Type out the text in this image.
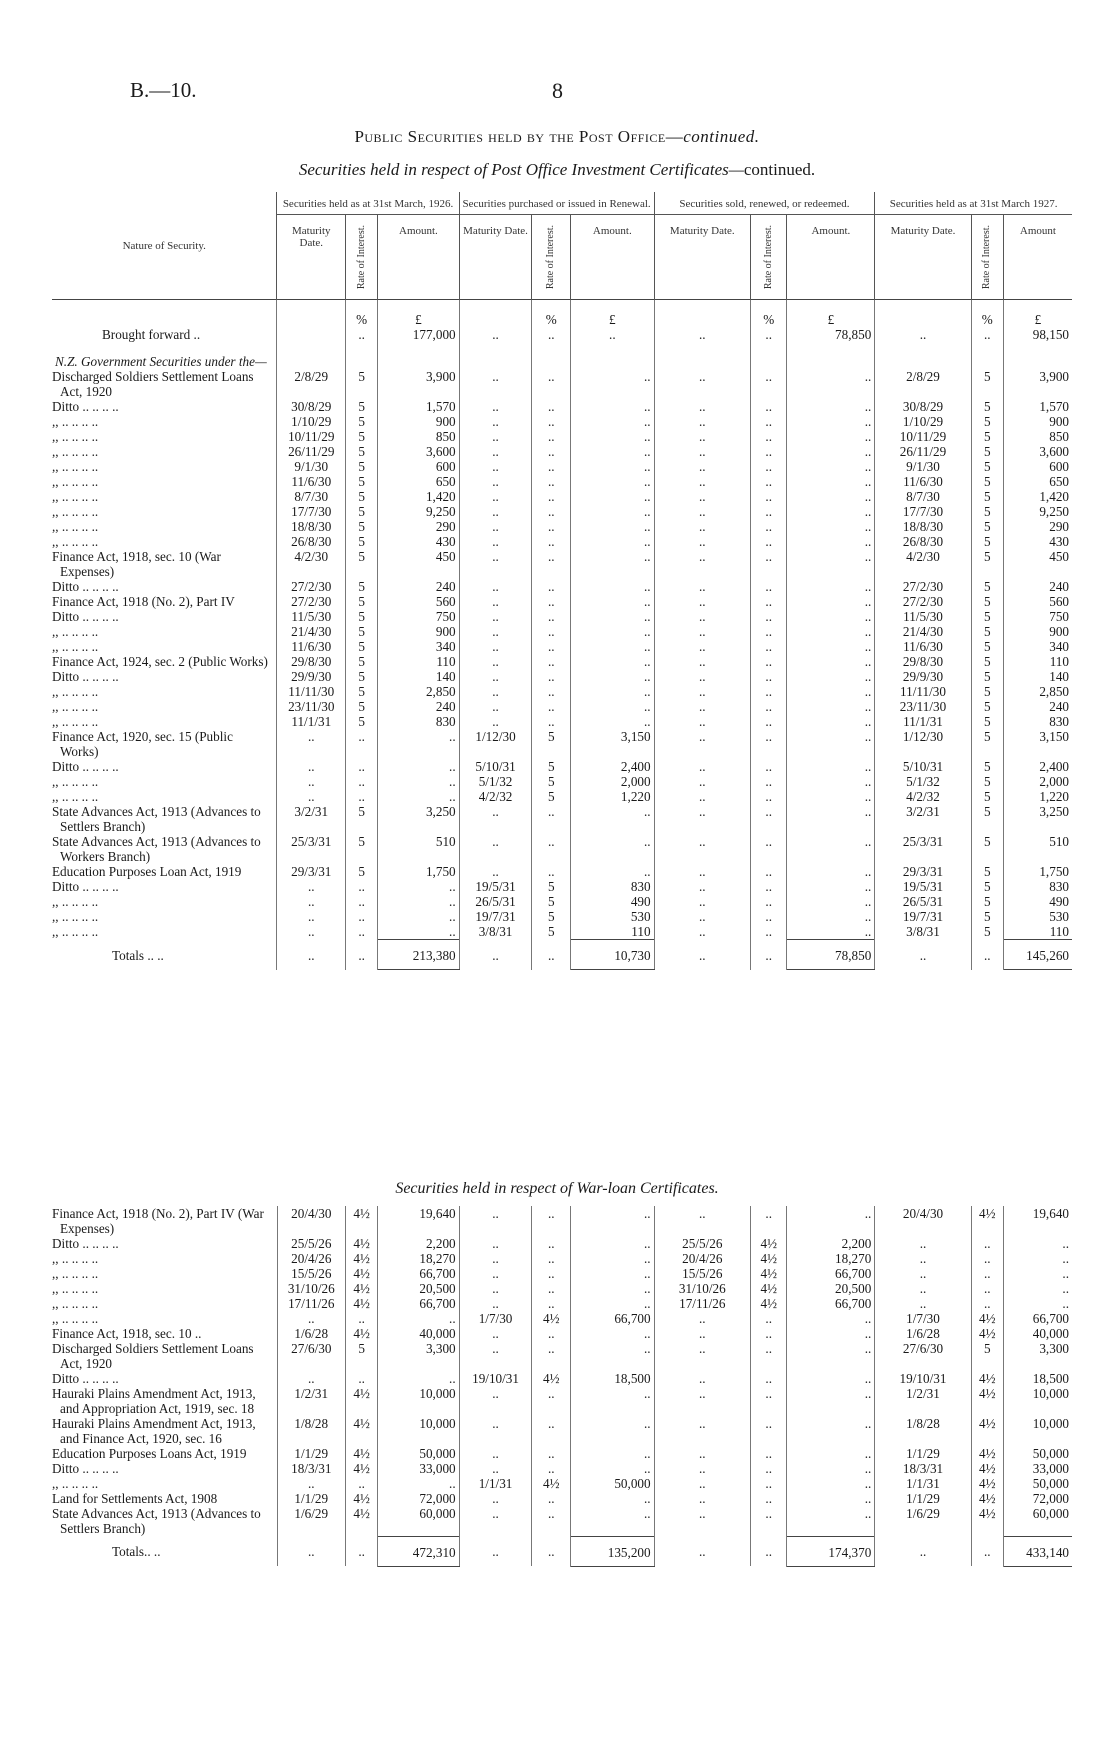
B.—10.	8
Public Securities held by the Post Office—continued.
Securities held in respect of Post Office Investment Certificates—continued.
Nature of Security.	Securities held as at 31st March, 1926.			Securities purchased or issued in Renewal.			Securities sold, renewed, or redeemed.			Securities held as at 31st March 1927.		
	Maturity Date.	Rate of Interest.	Amount.	Maturity Date.	Rate of Interest.	Amount.	Maturity Date.	Rate of Interest.	Amount.	Maturity Date.	Rate of Interest.	Amount
		%	£		%	£		%	£		%	£
Brought forward ..		..	177,000	..	..	..	..	..	78,850	..	..	98,150
N.Z. Government Securities under the—												
Discharged Soldiers Settlement Loans Act, 1920	2/8/29	5	3,900	..	..	..	..	..	..	2/8/29	5	3,900
Ditto .. .. .. ..	30/8/29	5	1,570	..	..	..	..	..	..	30/8/29	5	1,570
,, .. .. .. ..	1/10/29	5	900	..	..	..	..	..	..	1/10/29	5	900
,, .. .. .. ..	10/11/29	5	850	..	..	..	..	..	..	10/11/29	5	850
,, .. .. .. ..	26/11/29	5	3,600	..	..	..	..	..	..	26/11/29	5	3,600
,, .. .. .. ..	9/1/30	5	600	..	..	..	..	..	..	9/1/30	5	600
,, .. .. .. ..	11/6/30	5	650	..	..	..	..	..	..	11/6/30	5	650
,, .. .. .. ..	8/7/30	5	1,420	..	..	..	..	..	..	8/7/30	5	1,420
,, .. .. .. ..	17/7/30	5	9,250	..	..	..	..	..	..	17/7/30	5	9,250
,, .. .. .. ..	18/8/30	5	290	..	..	..	..	..	..	18/8/30	5	290
,, .. .. .. ..	26/8/30	5	430	..	..	..	..	..	..	26/8/30	5	430
Finance Act, 1918, sec. 10 (War Expenses)	4/2/30	5	450	..	..	..	..	..	..	4/2/30	5	450
Ditto .. .. .. ..	27/2/30	5	240	..	..	..	..	..	..	27/2/30	5	240
Finance Act, 1918 (No. 2), Part IV	27/2/30	5	560	..	..	..	..	..	..	27/2/30	5	560
Ditto .. .. .. ..	11/5/30	5	750	..	..	..	..	..	..	11/5/30	5	750
,, .. .. .. ..	21/4/30	5	900	..	..	..	..	..	..	21/4/30	5	900
,, .. .. .. ..	11/6/30	5	340	..	..	..	..	..	..	11/6/30	5	340
Finance Act, 1924, sec. 2 (Public Works)	29/8/30	5	110	..	..	..	..	..	..	29/8/30	5	110
Ditto .. .. .. ..	29/9/30	5	140	..	..	..	..	..	..	29/9/30	5	140
,, .. .. .. ..	11/11/30	5	2,850	..	..	..	..	..	..	11/11/30	5	2,850
,, .. .. .. ..	23/11/30	5	240	..	..	..	..	..	..	23/11/30	5	240
,, .. .. .. ..	11/1/31	5	830	..	..	..	..	..	..	11/1/31	5	830
Finance Act, 1920, sec. 15 (Public Works)	..	..	..	1/12/30	5	3,150	..	..	..	1/12/30	5	3,150
Ditto .. .. .. ..	..	..	..	5/10/31	5	2,400	..	..	..	5/10/31	5	2,400
,, .. .. .. ..	..	..	..	5/1/32	5	2,000	..	..	..	5/1/32	5	2,000
,, .. .. .. ..	..	..	..	4/2/32	5	1,220	..	..	..	4/2/32	5	1,220
State Advances Act, 1913 (Advances to Settlers Branch)	3/2/31	5	3,250	..	..	..	..	..	..	3/2/31	5	3,250
State Advances Act, 1913 (Advances to Workers Branch)	25/3/31	5	510	..	..	..	..	..	..	25/3/31	5	510
Education Purposes Loan Act, 1919	29/3/31	5	1,750	..	..	..	..	..	..	29/3/31	5	1,750
Ditto .. .. .. ..	..	..	..	19/5/31	5	830	..	..	..	19/5/31	5	830
,, .. .. .. ..	..	..	..	26/5/31	5	490	..	..	..	26/5/31	5	490
,, .. .. .. ..	..	..	..	19/7/31	5	530	..	..	..	19/7/31	5	530
,, .. .. .. ..	..	..	..	3/8/31	5	110	..	..	..	3/8/31	5	110
Totals .. ..	..	..	213,380	..	..	10,730	..	..	78,850	..	..	145,260
Securities held in respect of War-loan Certificates.
Finance Act, 1918 (No. 2), Part IV (War Expenses)	20/4/30	4½	19,640	..	..	..	..	..	..	20/4/30	4½	19,640
Ditto .. .. .. ..	25/5/26	4½	2,200	..	..	..	25/5/26	4½	2,200	..	..	..
,, .. .. .. ..	20/4/26	4½	18,270	..	..	..	20/4/26	4½	18,270	..	..	..
,, .. .. .. ..	15/5/26	4½	66,700	..	..	..	15/5/26	4½	66,700	..	..	..
,, .. .. .. ..	31/10/26	4½	20,500	..	..	..	31/10/26	4½	20,500	..	..	..
,, .. .. .. ..	17/11/26	4½	66,700	..	..	..	17/11/26	4½	66,700	..	..	..
,, .. .. .. ..	..	..	..	1/7/30	4½	66,700	..	..	..	1/7/30	4½	66,700
Finance Act, 1918, sec. 10 ..	1/6/28	4½	40,000	..	..	..	..	..	..	1/6/28	4½	40,000
Discharged Soldiers Settlement Loans Act, 1920	27/6/30	5	3,300	..	..	..	..	..	..	27/6/30	5	3,300
Ditto .. .. .. ..	..	..	..	19/10/31	4½	18,500	..	..	..	19/10/31	4½	18,500
Hauraki Plains Amendment Act, 1913, and Appropriation Act, 1919, sec. 18	1/2/31	4½	10,000	..	..	..	..	..	..	1/2/31	4½	10,000
Hauraki Plains Amendment Act, 1913, and Finance Act, 1920, sec. 16	1/8/28	4½	10,000	..	..	..	..	..	..	1/8/28	4½	10,000
Education Purposes Loans Act, 1919	1/1/29	4½	50,000	..	..	..	..	..	..	1/1/29	4½	50,000
Ditto .. .. .. ..	18/3/31	4½	33,000	..	..	..	..	..	..	18/3/31	4½	33,000
,, .. .. .. ..	..	..	..	1/1/31	4½	50,000	..	..	..	1/1/31	4½	50,000
Land for Settlements Act, 1908	1/1/29	4½	72,000	..	..	..	..	..	..	1/1/29	4½	72,000
State Advances Act, 1913 (Advances to Settlers Branch)	1/6/29	4½	60,000	..	..	..	..	..	..	1/6/29	4½	60,000
Totals.. ..	..	..	472,310	..	..	135,200	..	..	174,370	..	..	433,140
